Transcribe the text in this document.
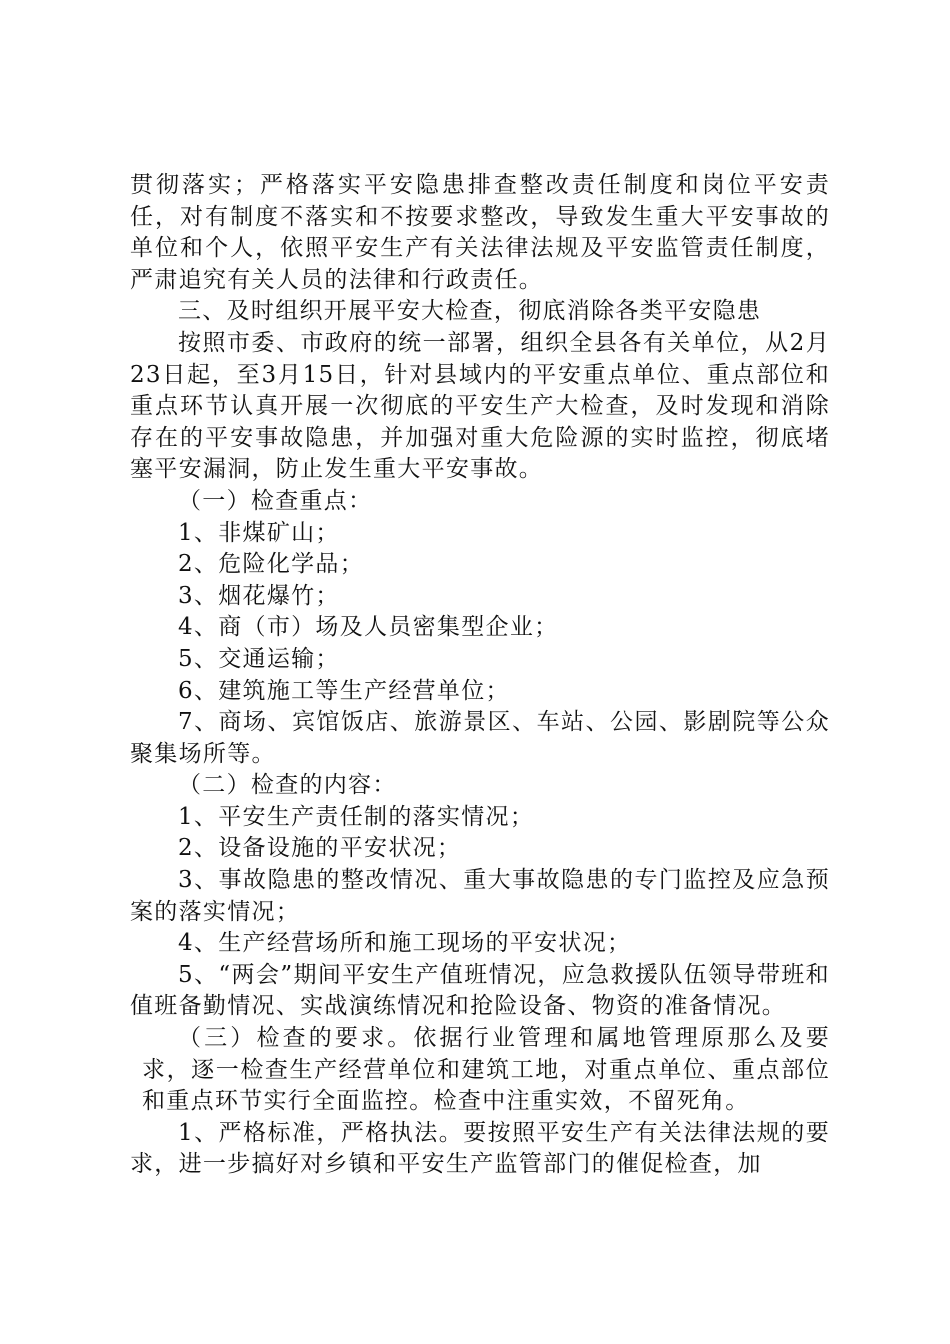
贯彻落实；严格落实平安隐患排查整改责任制度和岗位平安责任，对有制度不落实和不按要求整改，导致发生重大平安事故的单位和个人，依照平安生产有关法律法规及平安监管责任制度，严肃追究有关人员的法律和行政责任。

三、及时组织开展平安大检查，彻底消除各类平安隐患

按照市委、市政府的统一部署，组织全县各有关单位，从2月23日起，至3月15日，针对县域内的平安重点单位、重点部位和重点环节认真开展一次彻底的平安生产大检查，及时发现和消除存在的平安事故隐患，并加强对重大危险源的实时监控，彻底堵塞平安漏洞，防止发生重大平安事故。

（一）检查重点：

1、非煤矿山；

2、危险化学品；

3、烟花爆竹；

4、商（市）场及人员密集型企业；

5、交通运输；

6、建筑施工等生产经营单位；

7、商场、宾馆饭店、旅游景区、车站、公园、影剧院等公众聚集场所等。

（二）检查的内容：

1、平安生产责任制的落实情况；

2、设备设施的平安状况；

3、事故隐患的整改情况、重大事故隐患的专门监控及应急预案的落实情况；

4、生产经营场所和施工现场的平安状况；

5、“两会”期间平安生产值班情况，应急救援队伍领导带班和值班备勤情况、实战演练情况和抢险设备、物资的准备情况。

（三）检查的要求。依据行业管理和属地管理原那么及要求，逐一检查生产经营单位和建筑工地，对重点单位、重点部位和重点环节实行全面监控。检查中注重实效，不留死角。

1、严格标准，严格执法。要按照平安生产有关法律法规的要求，进一步搞好对乡镇和平安生产监管部门的催促检查，加
